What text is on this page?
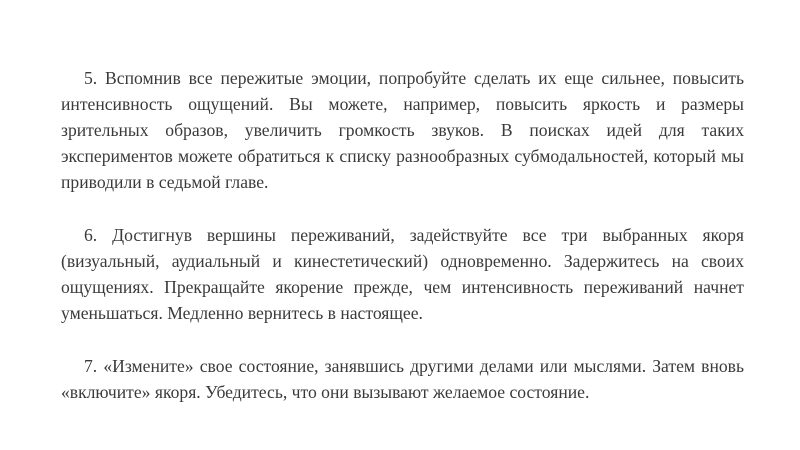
5. Вспомнив все пережитые эмоции, попробуйте сделать их еще сильнее, повысить интенсивность ощущений. Вы можете, например, повысить яркость и размеры зрительных образов, увеличить громкость звуков. В поисках идей для таких экспериментов можете обратиться к списку разнообразных субмодальностей, который мы приводили в седьмой главе.

6. Достигнув вершины переживаний, задействуйте все три выбранных якоря (визуальный, аудиальный и кинестетический) одновременно. Задержитесь на своих ощущениях. Прекращайте якорение прежде, чем интенсивность переживаний начнет уменьшаться. Медленно вернитесь в настоящее.

7. «Измените» свое состояние, занявшись другими делами или мыслями. Затем вновь «включите» якоря. Убедитесь, что они вызывают желаемое состояние.
